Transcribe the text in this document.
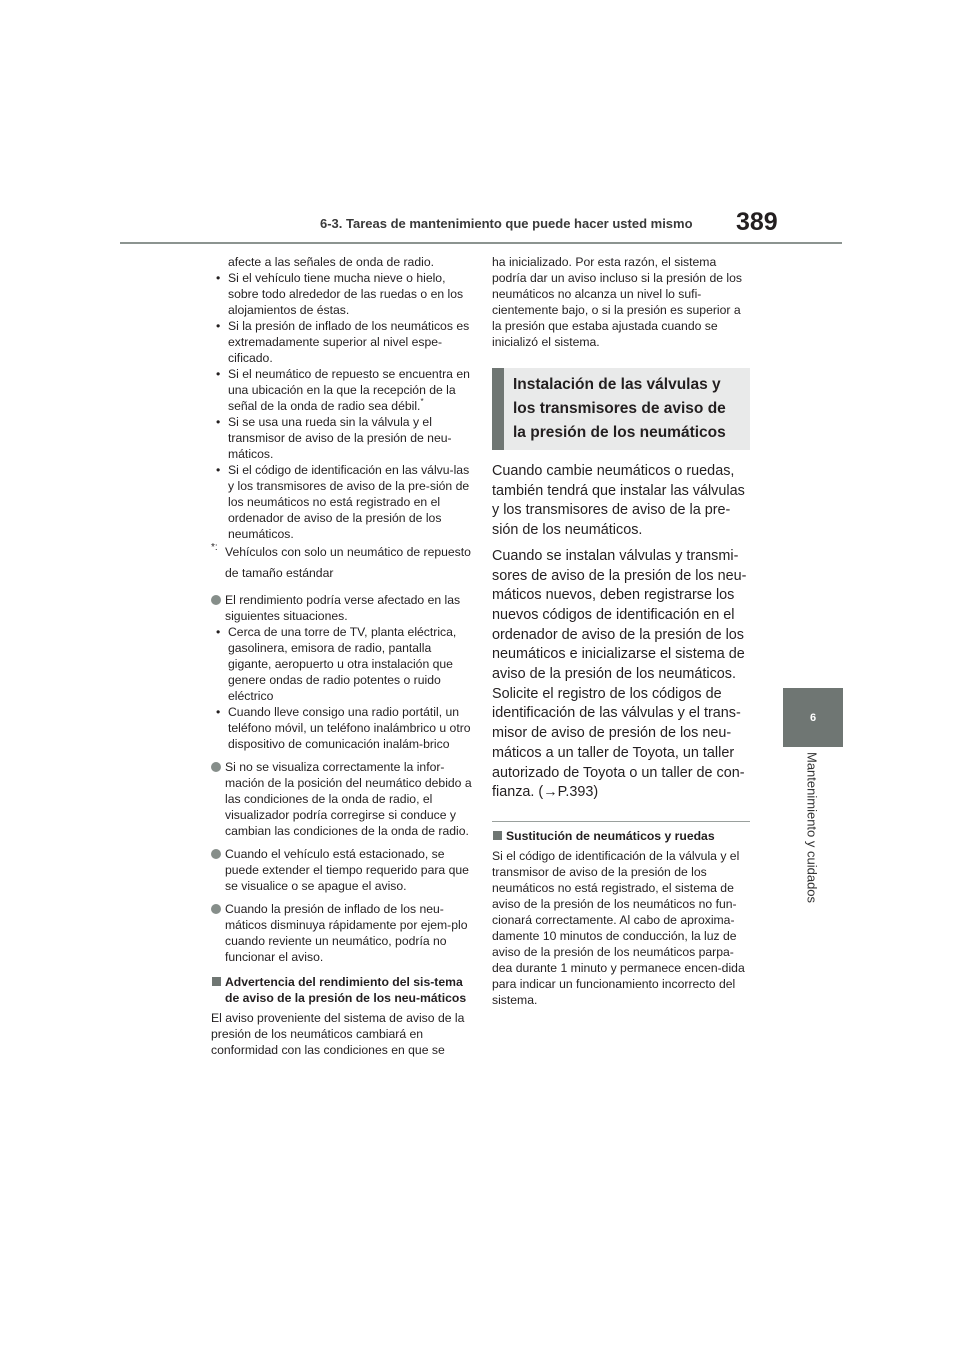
6-3. Tareas de mantenimiento que puede hacer usted mismo 389
6
Mantenimiento y cuidados

afecte a las señales de onda de radio.

• Si el vehículo tiene mucha nieve o hielo, sobre todo alrededor de las ruedas o en los alojamientos de éstas.

• Si la presión de inflado de los neumáticos es extremadamente superior al nivel espe-cificado.

• Si el neumático de repuesto se encuentra en una ubicación en la que la recepción de la señal de la onda de radio sea débil.*

• Si se usa una rueda sin la válvula y el transmisor de aviso de la presión de neu-máticos.

• Si el código de identificación en las válvu-las y los transmisores de aviso de la pre-sión de los neumáticos no está registrado en el ordenador de aviso de la presión de los neumáticos.

*: Vehículos con solo un neumático de repuesto de tamaño estándar

El rendimiento podría verse afectado en las siguientes situaciones.

• Cerca de una torre de TV, planta eléctrica, gasolinera, emisora de radio, pantalla gigante, aeropuerto u otra instalación que genere ondas de radio potentes o ruido eléctrico

• Cuando lleve consigo una radio portátil, un teléfono móvil, un teléfono inalámbrico u otro dispositivo de comunicación inalám-brico

Si no se visualiza correctamente la infor-mación de la posición del neumático debido a las condiciones de la onda de radio, el visualizador podría corregirse si conduce y cambian las condiciones de la onda de radio.

Cuando el vehículo está estacionado, se puede extender el tiempo requerido para que se visualice o se apague el aviso.

Cuando la presión de inflado de los neu-máticos disminuya rápidamente por ejem-plo cuando reviente un neumático, podría no funcionar el aviso.

Advertencia del rendimiento del sis-tema de aviso de la presión de los neu-máticos

El aviso proveniente del sistema de aviso de la presión de los neumáticos cambiará en conformidad con las condiciones en que se

ha inicializado. Por esta razón, el sistema podría dar un aviso incluso si la presión de los neumáticos no alcanza un nivel lo sufi-cientemente bajo, o si la presión es superior a la presión que estaba ajustada cuando se inicializó el sistema.

Instalación de las válvulas y los transmisores de aviso de la presión de los neumáticos

Cuando cambie neumáticos o ruedas, también tendrá que instalar las válvulas y los transmisores de aviso de la pre-sión de los neumáticos.

Cuando se instalan válvulas y transmi-sores de aviso de la presión de los neu-máticos nuevos, deben registrarse los nuevos códigos de identificación en el ordenador de aviso de la presión de los neumáticos e inicializarse el sistema de aviso de la presión de los neumáticos. Solicite el registro de los códigos de identificación de las válvulas y el trans-misor de aviso de presión de los neu-máticos a un taller de Toyota, un taller autorizado de Toyota o un taller de con-fianza. (→P.393)

Sustitución de neumáticos y ruedas

Si el código de identificación de la válvula y el transmisor de aviso de la presión de los neumáticos no está registrado, el sistema de aviso de la presión de los neumáticos no fun-cionará correctamente. Al cabo de aproxima-damente 10 minutos de conducción, la luz de aviso de la presión de los neumáticos parpa-dea durante 1 minuto y permanece encen-dida para indicar un funcionamiento incorrecto del sistema.
